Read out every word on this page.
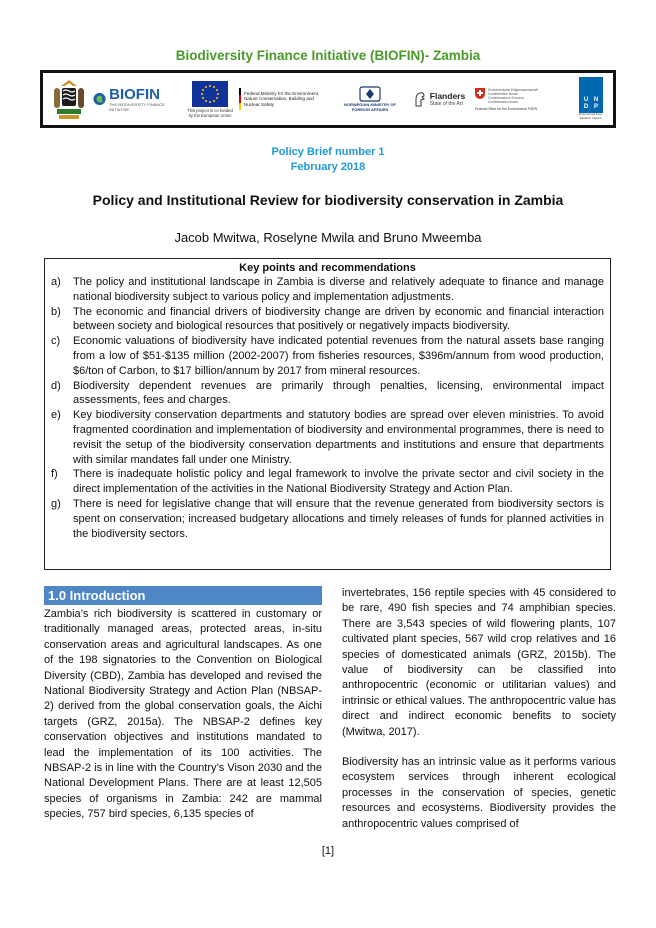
Biodiversity Finance Initiative (BIOFIN)- Zambia
BIOFIN
THE BIODIVERSITY FINANCE INITIATIVE	This project is co-funded by the European Union
Federal Ministry for the Environment, Nature Conservation, Building and Nuclear Safety	NORWEGIAN MINISTRY OF FOREIGN AFFAIRS
Flanders
State of the Art
Schweizerische Eidgenossenschaft
Confédération suisse
Confederazione Svizzera
Confederaziun svizra
Federal Office for the Environment FOEN
U N
D P
Empowered lives. Resilient nations.
Policy Brief number 1
February 2018
Policy and Institutional Review for biodiversity conservation in Zambia
Jacob Mwitwa, Roselyne Mwila and Bruno Mweemba
Key points and recommendations
a)	The policy and institutional landscape in Zambia is diverse and relatively adequate to finance and manage national biodiversity subject to various policy and implementation adjustments.
b)	The economic and financial drivers of biodiversity change are driven by economic and financial interaction between society and biological resources that positively or negatively impacts biodiversity.
c)	Economic valuations of biodiversity have indicated potential revenues from the natural assets base ranging from a low of $51-$135 million (2002-2007) from fisheries resources, $396m/annum from wood production, $6/ton of Carbon, to $17 billion/annum by 2017 from mineral resources.
d)	Biodiversity dependent revenues are primarily through penalties, licensing, environmental impact assessments, fees and charges.
e)	Key biodiversity conservation departments and statutory bodies are spread over eleven ministries. To avoid fragmented coordination and implementation of biodiversity and environmental programmes, there is need to revisit the setup of the biodiversity conservation departments and institutions and ensure that departments with similar mandates fall under one Ministry.
f)	There is inadequate holistic policy and legal framework to involve the private sector and civil society in the direct implementation of the activities in the National Biodiversity Strategy and Action Plan.
g)	There is need for legislative change that will ensure that the revenue generated from biodiversity sectors is spent on conservation; increased budgetary allocations and timely releases of funds for planned activities in the biodiversity sectors.
1.0 Introduction

Zambia’s rich biodiversity is scattered in customary or traditionally managed areas, protected areas, in-situ conservation areas and agricultural landscapes. As one of the 198 signatories to the Convention on Biological Diversity (CBD), Zambia has developed and revised the National Biodiversity Strategy and Action Plan (NBSAP-2) derived from the global conservation goals, the Aichi targets (GRZ, 2015a). The NBSAP-2 defines key conservation objectives and institutions mandated to lead the implementation of its 100 activities. The NBSAP-2 is in line with the Country’s Vison 2030 and the National Development Plans. There are at least 12,505 species of organisms in Zambia: 242 are mammal species, 757 bird species, 6,135 species of

invertebrates, 156 reptile species with 45 considered to be rare, 490 fish species and 74 amphibian species. There are 3,543 species of wild flowering plants, 107 cultivated plant species, 567 wild crop relatives and 16 species of domesticated animals (GRZ, 2015b). The value of biodiversity can be classified into anthropocentric (economic or utilitarian values) and intrinsic or ethical values. The anthropocentric value has direct and indirect economic benefits to society (Mwitwa, 2017).

Biodiversity has an intrinsic value as it performs various ecosystem services through inherent ecological processes in the conservation of species, genetic resources and ecosystems. Biodiversity provides the anthropocentric values comprised of

[1]
